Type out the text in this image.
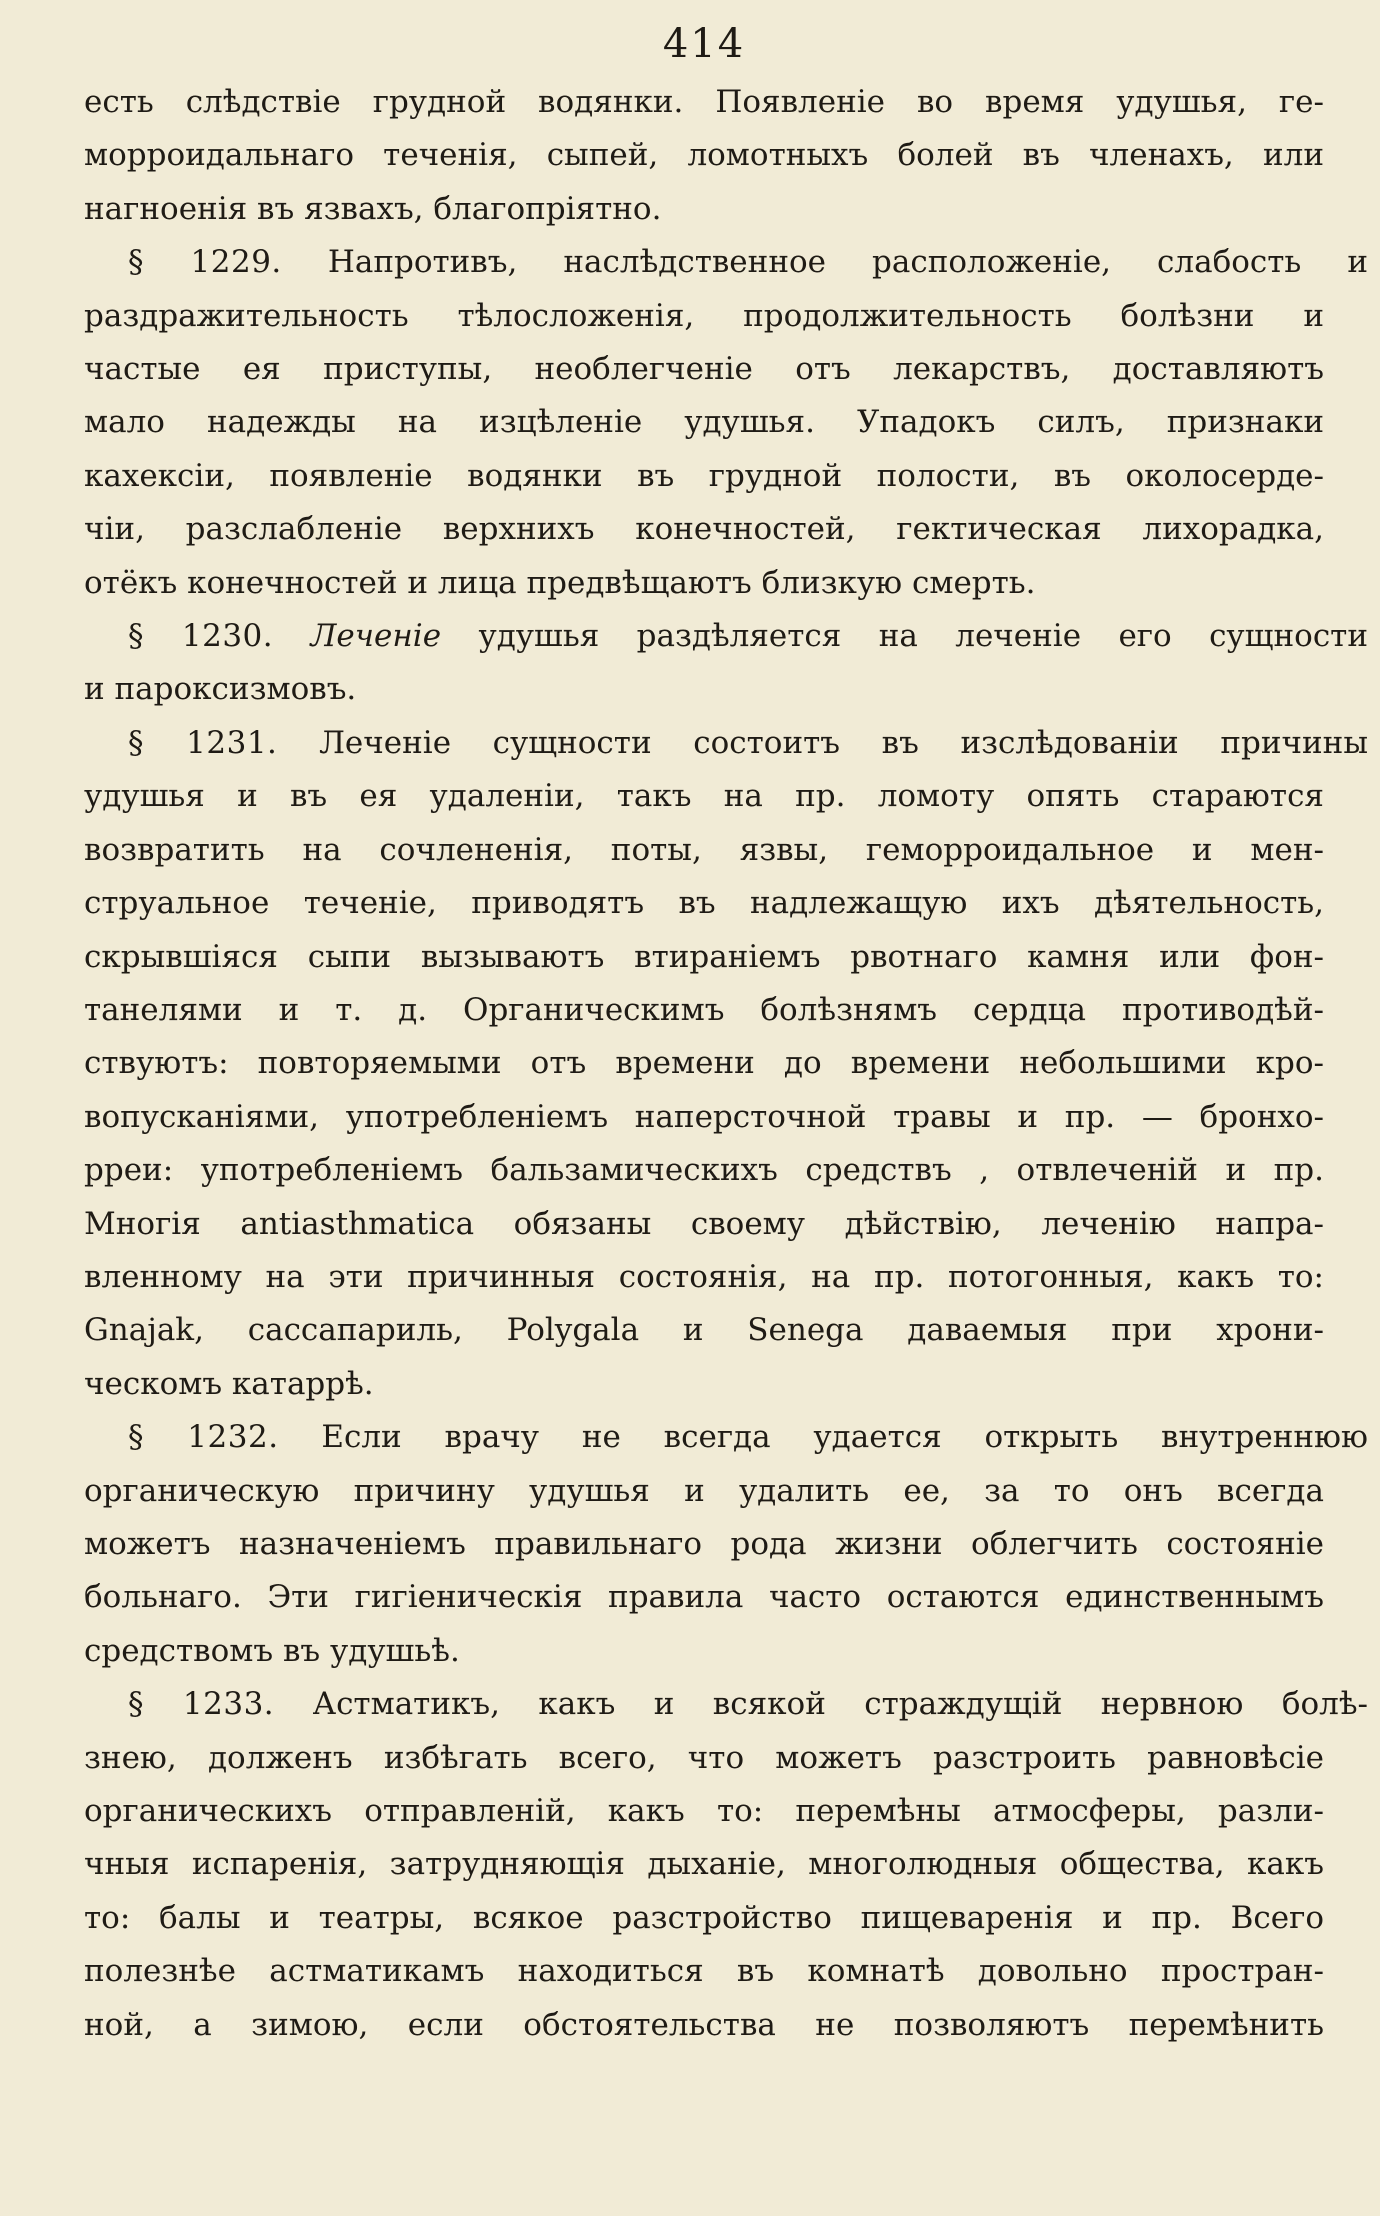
414
есть слѣдствіе грудной водянки. Появленіе во время удушья, ге-
морроидальнаго теченія, сыпей, ломотныхъ болей въ членахъ, или
нагноенія въ язвахъ, благопріятно.
§ 1229. Напротивъ, наслѣдственное расположеніе, слабость и
раздражительность тѣлосложенія, продолжительность болѣзни и
частые ея приступы, необлегченіе отъ лекарствъ, доставляютъ
мало надежды на изцѣленіе удушья. Упадокъ силъ, признаки
кахексіи, появленіе водянки въ грудной полости, въ околосерде-
чіи, разслабленіе верхнихъ конечностей, гектическая лихорадка,
отёкъ конечностей и лица предвѣщаютъ близкую смерть.
§ 1230. Леченіе удушья раздѣляется на леченіе его сущности
и пароксизмовъ.
§ 1231. Леченіе сущности состоитъ въ изслѣдованіи причины
удушья и въ ея удаленіи, такъ на пр. ломоту опять стараются
возвратить на сочлененія, поты, язвы, геморроидальное и мен-
струальное теченіе, приводятъ въ надлежащую ихъ дѣятельность,
скрывшіяся сыпи вызываютъ втираніемъ рвотнаго камня или фон-
танелями и т. д. Органическимъ болѣзнямъ сердца противодѣй-
ствуютъ: повторяемыми отъ времени до времени небольшими кро-
вопусканіями, употребленіемъ наперсточной травы и пр. — бронхо-
рреи: употребленіемъ бальзамическихъ средствъ , отвлеченій и пр.
Многія antiasthmatica обязаны своему дѣйствію, леченію напра-
вленному на эти причинныя состоянія, на пр. потогонныя, какъ то:
Gnajak, сассапариль, Polygala и Senega даваемыя при хрони-
ческомъ катаррѣ.
§ 1232. Если врачу не всегда удается открыть внутреннюю
органическую причину удушья и удалить ее, за то онъ всегда
можетъ назначеніемъ правильнаго рода жизни облегчить состояніе
больнаго. Эти гигіеническія правила часто остаются единственнымъ
средствомъ въ удушьѣ.
§ 1233. Астматикъ, какъ и всякой страждущій нервною болѣ-
знею, долженъ избѣгать всего, что можетъ разстроить равновѣсіе
органическихъ отправленій, какъ то: перемѣны атмосферы, разли-
чныя испаренія, затрудняющія дыханіе, многолюдныя общества, какъ
то: балы и театры, всякое разстройство пищеваренія и пр. Всего
полезнѣе астматикамъ находиться въ комнатѣ довольно простран-
ной, а зимою, если обстоятельства не позволяютъ перемѣнить
